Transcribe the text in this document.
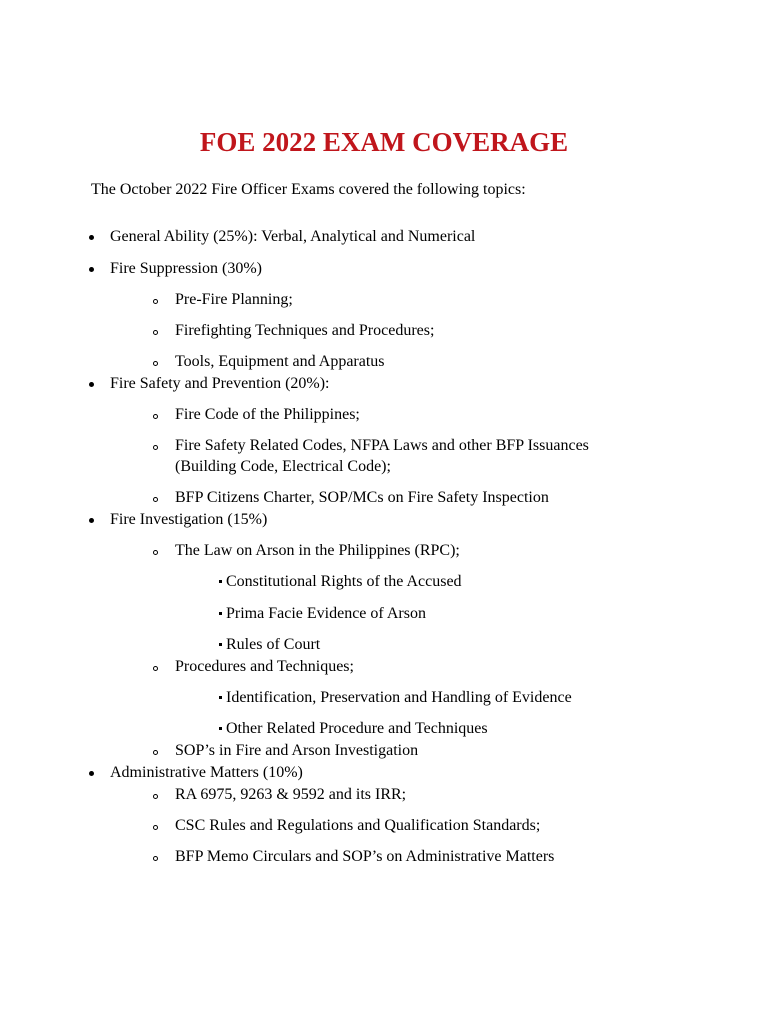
FOE 2022 EXAM COVERAGE
The October 2022 Fire Officer Exams covered the following topics:
General Ability (25%): Verbal, Analytical and Numerical
Fire Suppression (30%)
Pre-Fire Planning;
Firefighting Techniques and Procedures;
Tools, Equipment and Apparatus
Fire Safety and Prevention (20%):
Fire Code of the Philippines;
Fire Safety Related Codes, NFPA Laws and other BFP Issuances
(Building Code, Electrical Code);
BFP Citizens Charter, SOP/MCs on Fire Safety Inspection
Fire Investigation (15%)
The Law on Arson in the Philippines (RPC);
Constitutional Rights of the Accused
Prima Facie Evidence of Arson
Rules of Court
Procedures and Techniques;
Identification, Preservation and Handling of Evidence
Other Related Procedure and Techniques
SOP’s in Fire and Arson Investigation
Administrative Matters (10%)
RA 6975, 9263 & 9592 and its IRR;
CSC Rules and Regulations and Qualification Standards;
BFP Memo Circulars and SOP’s on Administrative Matters
